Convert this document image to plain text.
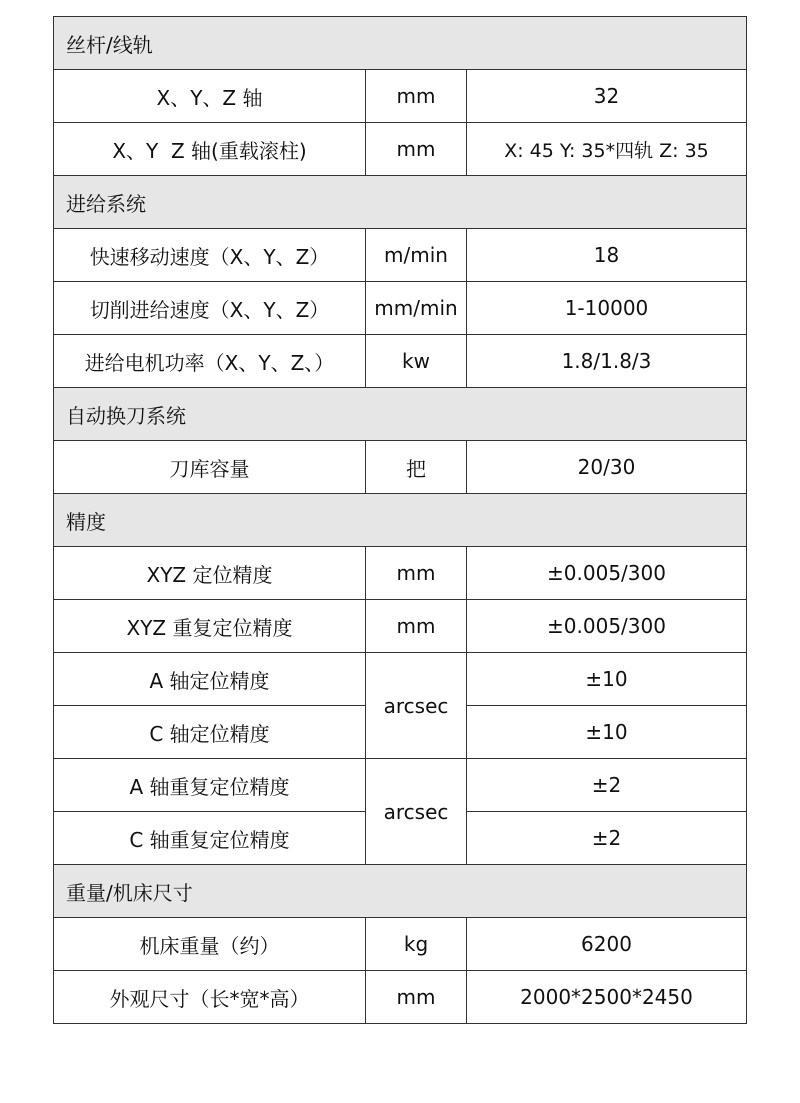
丝杆/线轨		
X、Y、Z 轴	mm	32
X、Y  Z 轴(重载滚柱)	mm	X: 45 Y: 35*四轨 Z: 35
进给系统		
快速移动速度（X、Y、Z）	m/min	18
切削进给速度（X、Y、Z）	mm/min	1-10000
进给电机功率（X、Y、Z、）	kw	1.8/1.8/3
自动换刀系统		
刀库容量	把	20/30
精度		
XYZ 定位精度	mm	±0.005/300
XYZ 重复定位精度	mm	±0.005/300
A 轴定位精度	arcsec	±10
C 轴定位精度		±10
A 轴重复定位精度	arcsec	±2
C 轴重复定位精度		±2
重量/机床尺寸		
机床重量（约）	kg	6200
外观尺寸（长*宽*高）	mm	2000*2500*2450
